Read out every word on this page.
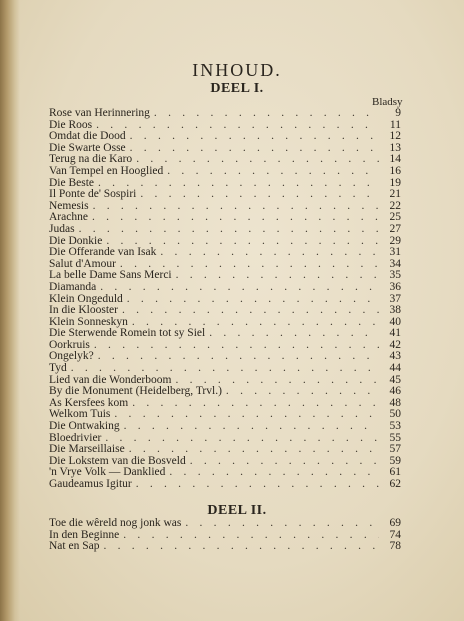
INHOUD.
DEEL I.
Bladsy
Rose van Herinnering . . .	9
Die Roos . . .	11
Omdat die Dood . . .	12
Die Swarte Osse . . .	13
Terug na die Karo . . .	14
Van Tempel en Hooglied . . .	16
Die Beste . . .	19
Il Ponte de' Sospiri . . .	21
Nemesis . . .	22
Arachne . . .	25
Judas . . .	27
Die Donkie . . .	29
Die Offerande van Isak . . .	31
Salut d'Amour . . .	34
La belle Dame Sans Merci . . .	35
Diamanda . . .	36
Klein Ongeduld . . .	37
In die Klooster . . .	38
Klein Sonneskyn . . .	40
Die Sterwende Romein tot sy Siel . . .	41
Oorkruis . . .	42
Ongelyk? . . .	43
Tyd . . .	44
Lied van die Wonderboom . . .	45
By die Monument (Heidelberg, Trvl.) . . .	46
As Kersfees kom . . .	48
Welkom Tuis . . .	50
Die Ontwaking . . .	53
Bloedrivier . . .	55
Die Marseillaise . . .	57
Die Lokstem van die Bosveld . . .	59
'n Vrye Volk — Danklied . . .	61
Gaudeamus Igitur . . .	62
DEEL II.
Toe die wêreld nog jonk was . . .	69
In den Beginne . . .	74
Nat en Sap . . .	78
